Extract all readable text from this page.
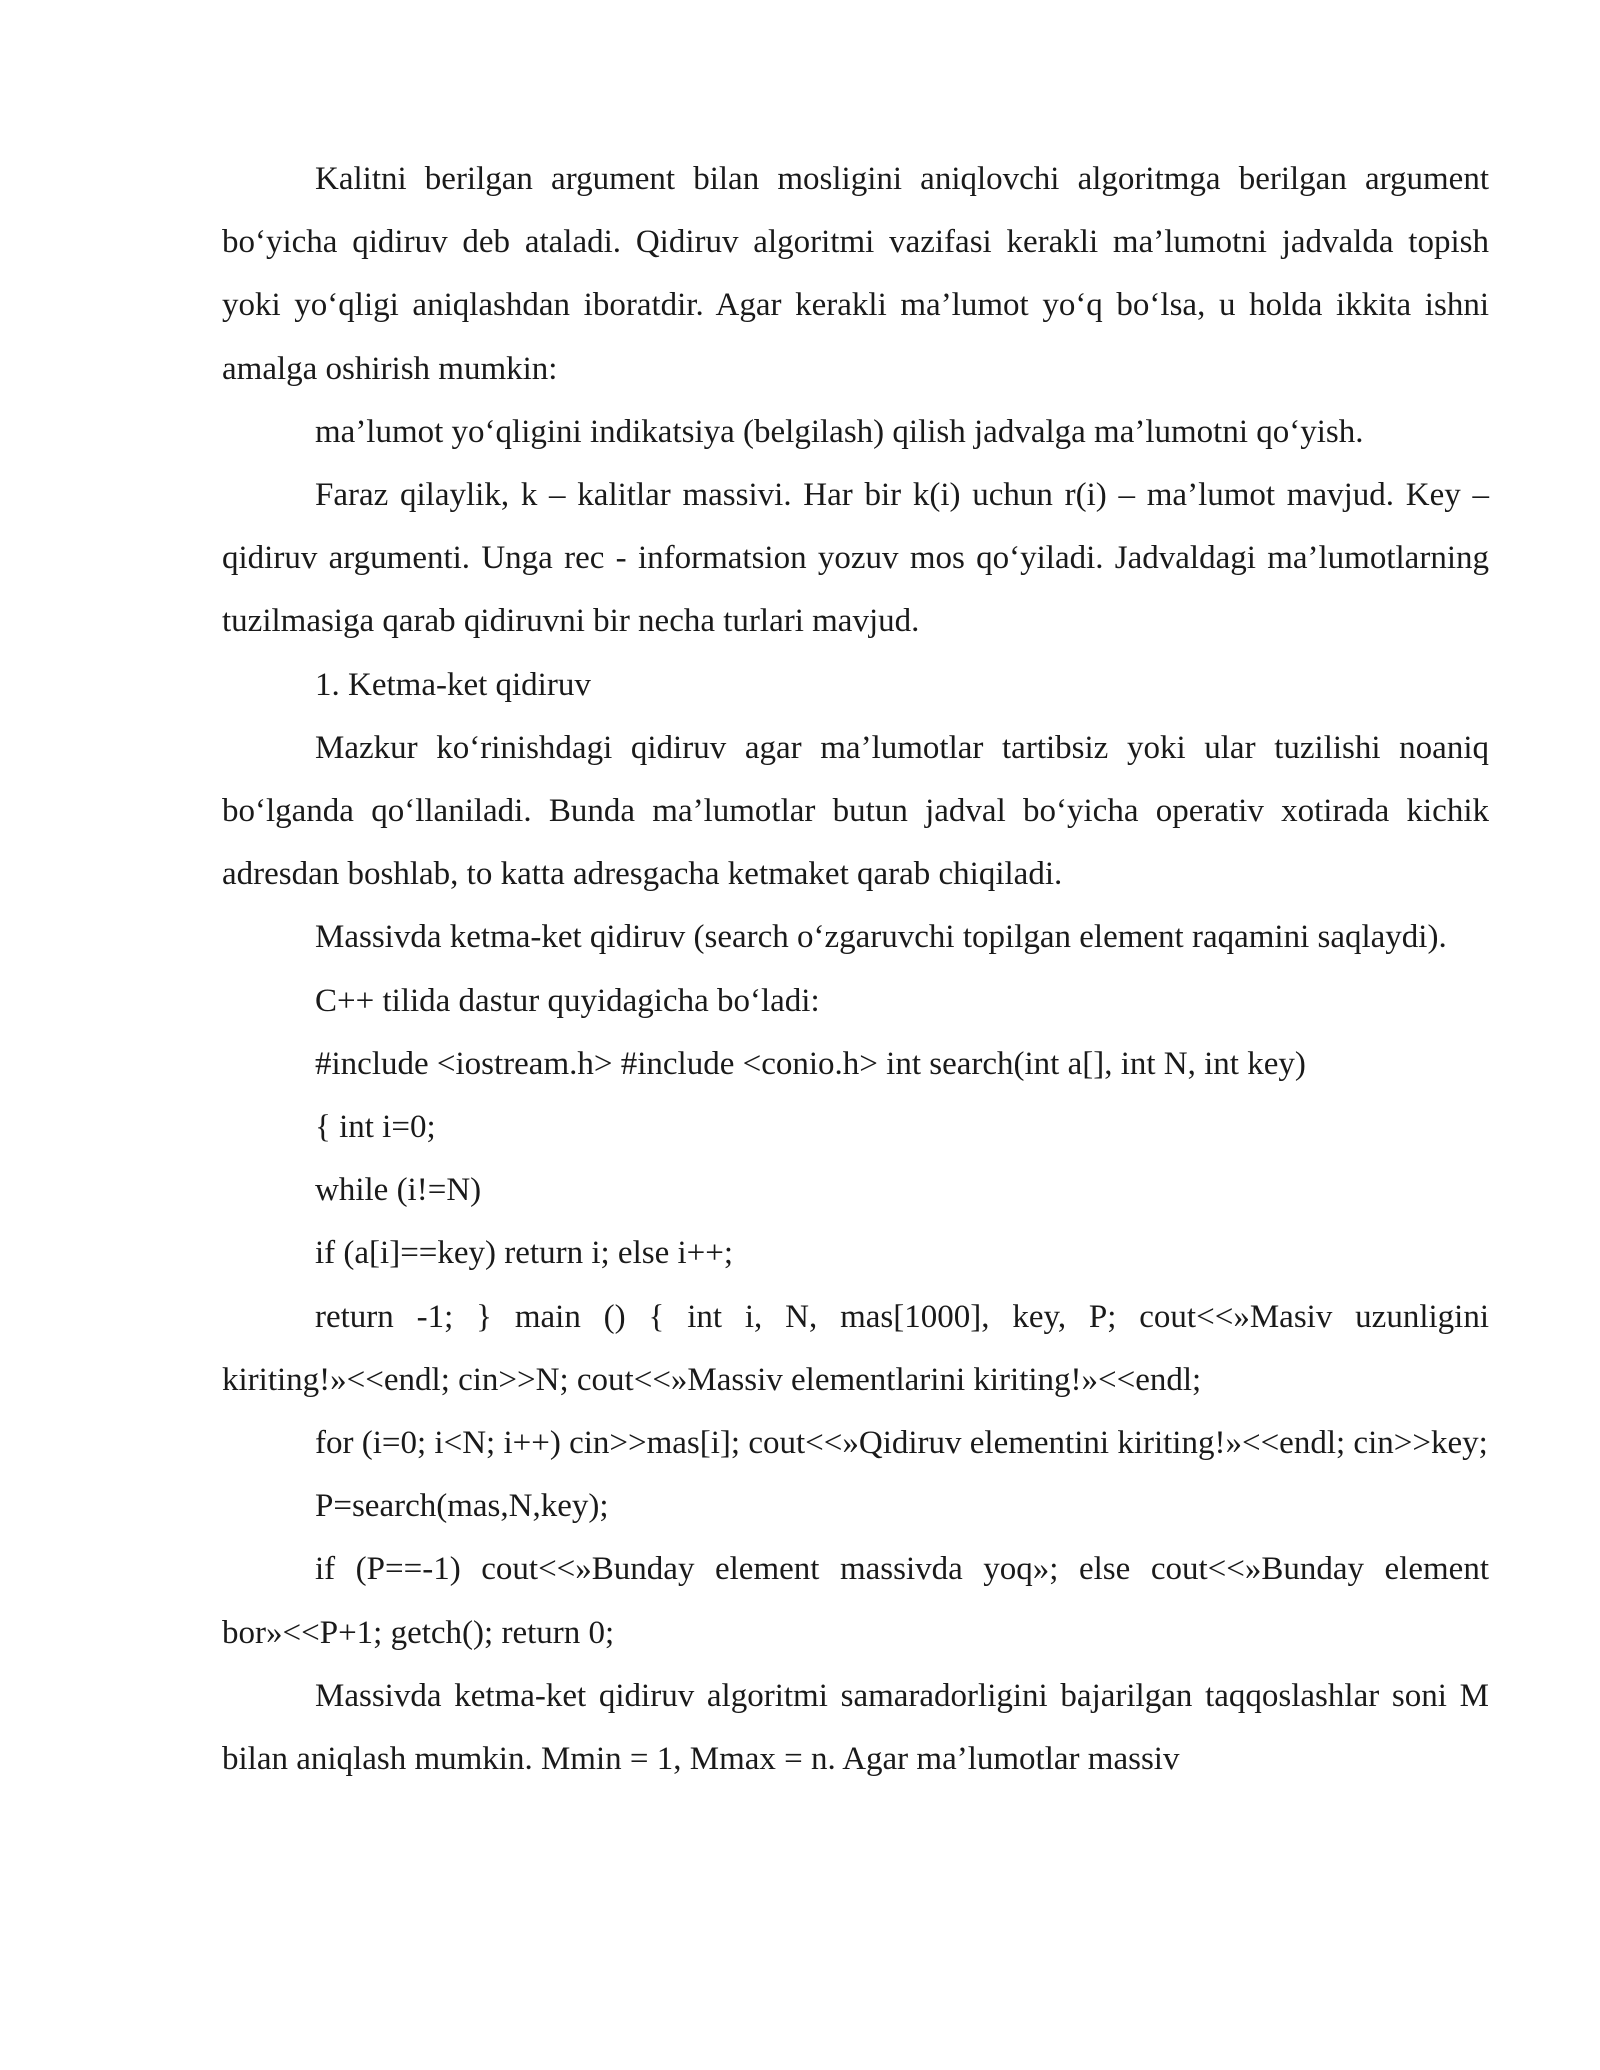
Kalitni berilgan argument bilan mosligini aniqlovchi algoritmga berilgan argument bo‘yicha qidiruv deb ataladi. Qidiruv algoritmi vazifasi kerakli ma’lumotni jadvalda topish yoki yo‘qligi aniqlashdan iboratdir. Agar kerakli ma’lumot yo‘q bo‘lsa, u holda ikkita ishni amalga oshirish mumkin:

ma’lumot yo‘qligini indikatsiya (belgilash) qilish jadvalga ma’lumotni qo‘yish.

Faraz qilaylik, k – kalitlar massivi. Har bir k(i) uchun r(i) – ma’lumot mavjud. Key – qidiruv argumenti. Unga rec - informatsion yozuv mos qo‘yiladi. Jadvaldagi ma’lumotlarning tuzilmasiga qarab qidiruvni bir necha turlari mavjud.

1. Ketma-ket qidiruv

Mazkur ko‘rinishdagi qidiruv agar ma’lumotlar tartibsiz yoki ular tuzilishi noaniq bo‘lganda qo‘llaniladi. Bunda ma’lumotlar butun jadval bo‘yicha operativ xotirada kichik adresdan boshlab, to katta adresgacha ketmaket qarab chiqiladi.

Massivda ketma-ket qidiruv (search o‘zgaruvchi topilgan element raqamini saqlaydi).

C++ tilida dastur quyidagicha bo‘ladi:

#include <iostream.h> #include <conio.h> int search(int a[], int N, int key)

{ int i=0;

while (i!=N)

if (a[i]==key) return i; else i++;

return -1; } main () { int i, N, mas[1000], key, P; cout<<»Masiv uzunligini kiriting!»<<endl; cin>>N; cout<<»Massiv elementlarini kiriting!»<<endl;

for (i=0; i<N; i++) cin>>mas[i]; cout<<»Qidiruv elementini kiriting!»<<endl; cin>>key;

P=search(mas,N,key);

if (P==-1) cout<<»Bunday element massivda yoq»; else cout<<»Bunday element bor»<<P+1; getch(); return 0;

Massivda ketma-ket qidiruv algoritmi samaradorligini bajarilgan taqqoslashlar soni M bilan aniqlash mumkin. Mmin = 1, Mmax = n. Agar ma’lumotlar massiv
